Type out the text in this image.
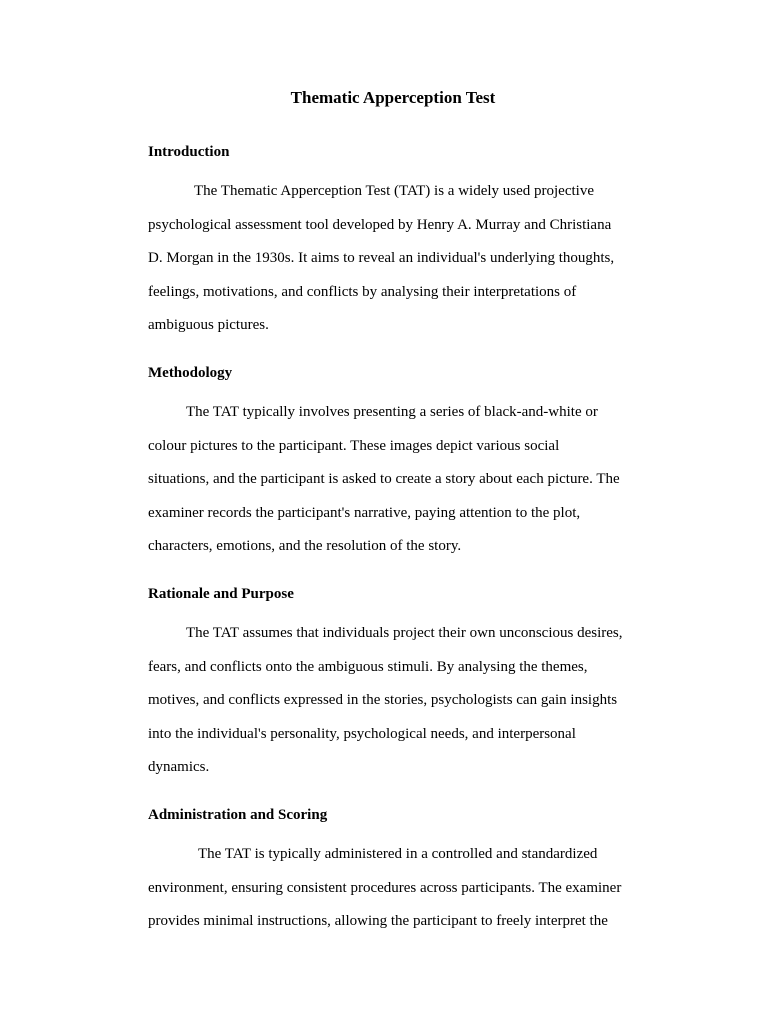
Thematic Apperception Test
Introduction

The Thematic Apperception Test (TAT) is a widely used projective
psychological assessment tool developed by Henry A. Murray and Christiana
D. Morgan in the 1930s. It aims to reveal an individual's underlying thoughts,
feelings, motivations, and conflicts by analysing their interpretations of
ambiguous pictures.

Methodology

The TAT typically involves presenting a series of black-and-white or
colour pictures to the participant. These images depict various social
situations, and the participant is asked to create a story about each picture. The
examiner records the participant's narrative, paying attention to the plot,
characters, emotions, and the resolution of the story.

Rationale and Purpose

The TAT assumes that individuals project their own unconscious desires,
fears, and conflicts onto the ambiguous stimuli. By analysing the themes,
motives, and conflicts expressed in the stories, psychologists can gain insights
into the individual's personality, psychological needs, and interpersonal
dynamics.

Administration and Scoring

The TAT is typically administered in a controlled and standardized
environment, ensuring consistent procedures across participants. The examiner
provides minimal instructions, allowing the participant to freely interpret the
